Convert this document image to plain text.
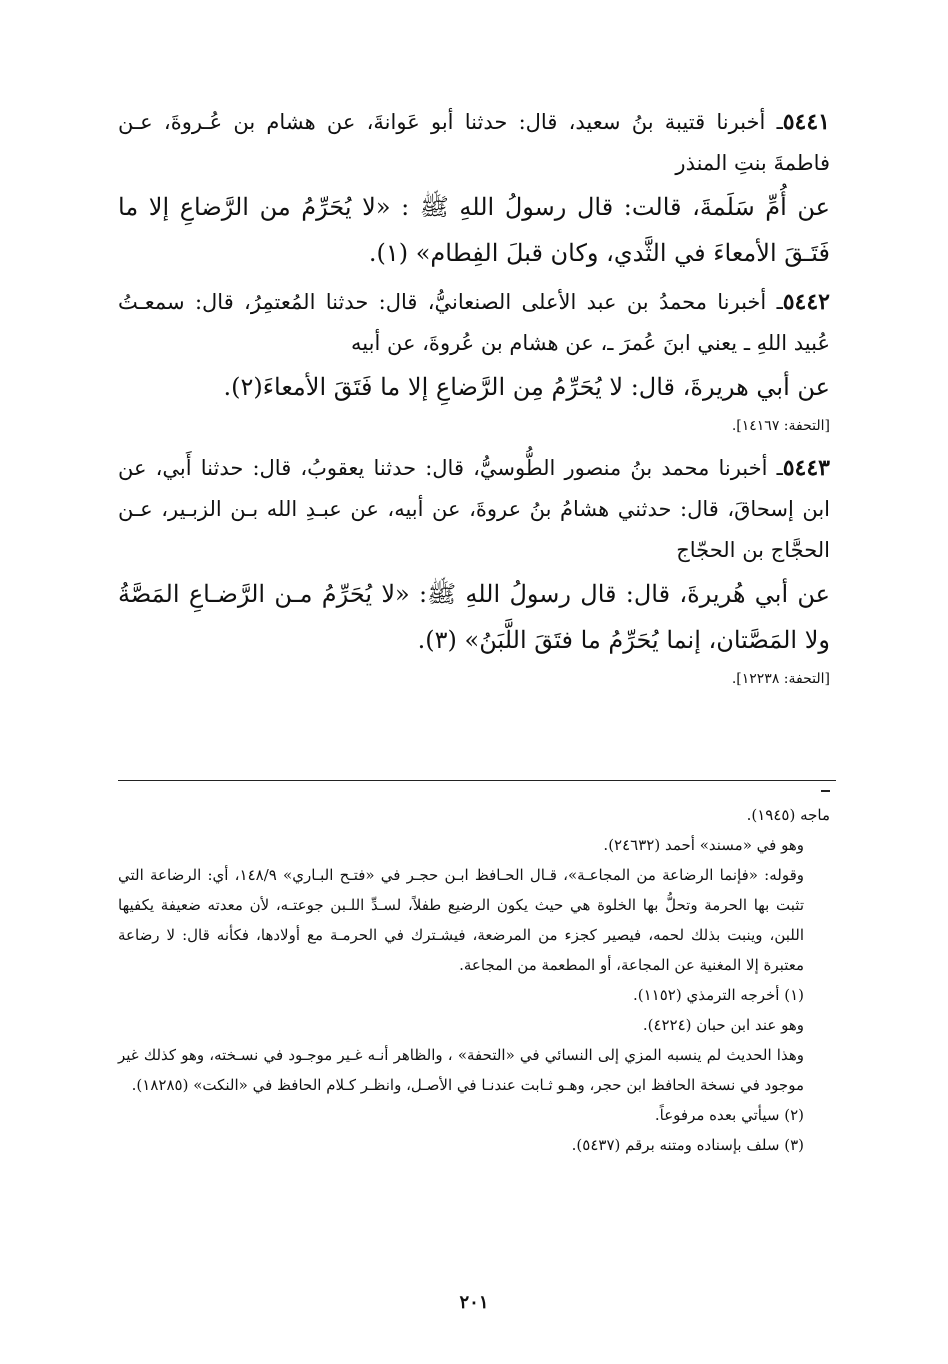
٥٤٤١ـ أخبرنا قتيبة بنُ سعيد، قال: حدثنا أبو عَوانةَ، عن هشام بن عُـروةَ، عـن فاطمةَ بنتِ المنذر

عن أُمِّ سَلَمةَ، قالت: قال رسولُ اللهِ ﷺ : «لا يُحَرِّمُ من الرَّضاعِ إلا ما فَتَـقَ الأمعاءَ في الثَّدي، وكان قبلَ الفِطام» (١).

٥٤٤٢ـ أخبرنا محمدُ بن عبد الأعلى الصنعانيُّ، قال: حدثنا المُعتمِرُ، قال: سمعـتُ عُبيد اللهِ ـ يعني ابنَ عُمرَ ـ، عن هشام بن عُروةَ، عن أبيه

عن أبي هريرةَ، قال: لا يُحَرِّمُ مِن الرَّضاعِ إلا ما فَتَقَ الأمعاءَ(٢).

[التحفة: ١٤١٦٧].

٥٤٤٣ـ أخبرنا محمد بنُ منصور الطُّوسيُّ، قال: حدثنا يعقوبُ، قال: حدثنا أَبي، عن ابن إسحاقَ، قال: حدثني هشامُ بنُ عروةَ، عن أبيه، عن عبـدِ الله بـن الزبـير، عـن الحجَّاج بن الحجّاج

عن أبي هُريرةَ، قال: قال رسولُ اللهِ ﷺ: «لا يُحَرِّمُ مـن الرَّضـاعِ المَصَّةُ ولا المَصَّتان، إنما يُحَرِّمُ ما فتَقَ اللَّبَنُ» (٣).

[التحفة: ١٢٢٣٨].

ماجه (١٩٤٥).

وهو في «مسند» أحمد (٢٤٦٣٢).

وقوله: «فإنما الرضاعة من المجاعـة»، قـال الحـافظ ابـن حجـر في «فتـح البـاري» ١٤٨/٩، أي: الرضاعة التي تثبت بها الحرمة وتحلُّ بها الخلوة هي حيث يكون الرضيع طفلاً، لسـدِّ اللـبن جوعتـه، لأن معدته ضعيفة يكفيها اللبن، وينبت بذلك لحمه، فيصير كجزء من المرضعة، فيشـترك في الحرمـة مع أولادها، فكأنه قال: لا رضاعة معتبرة إلا المغنية عن المجاعة، أو المطعمة من المجاعة.

(١) أخرجه الترمذي (١١٥٢).

وهو عند ابن حبان (٤٢٢٤).

وهذا الحديث لم ينسبه المزي إلى النسائي في «التحفة» ، والظاهر أنـه غـير موجـود في نسـخته، وهو كذلك غير موجود في نسخة الحافظ ابن حجر، وهـو ثـابت عندنـا في الأصـل، وانظـر كـلام الحافظ في «النكت» (١٨٢٨٥).

(٢) سيأتي بعده مرفوعاً.

(٣) سلف بإسناده ومتنه برقم (٥٤٣٧).

٢٠١
